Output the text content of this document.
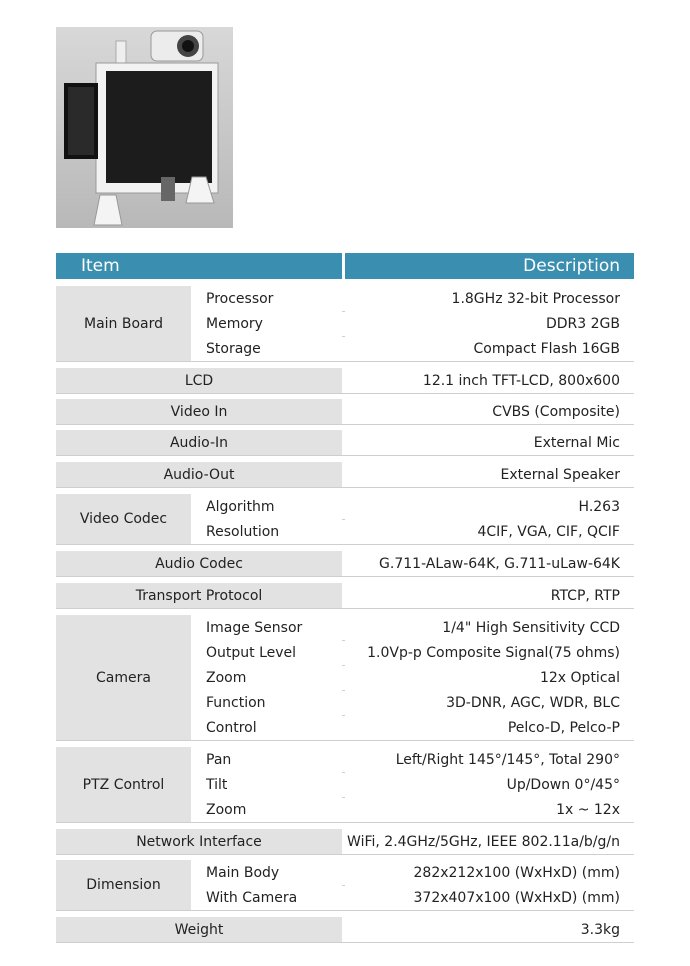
Item	Description
Main Board
Processor	1.8GHz 32-bit Processor
Memory	DDR3 2GB
Storage	Compact Flash 16GB
LCD	12.1 inch TFT-LCD, 800x600
Video In	CVBS (Composite)
Audio-In	External Mic
Audio-Out	External Speaker
Video Codec
Algorithm	H.263
Resolution	4CIF, VGA, CIF, QCIF
Audio Codec	G.711-ALaw-64K, G.711-uLaw-64K
Transport Protocol	RTCP, RTP
Camera
Image Sensor	1/4" High Sensitivity CCD
Output Level	1.0Vp-p Composite Signal(75 ohms)
Zoom	12x Optical
Function	3D-DNR, AGC, WDR, BLC
Control	Pelco-D, Pelco-P
PTZ Control
Pan	Left/Right 145°/145°, Total 290°
Tilt	Up/Down 0°/45°
Zoom	1x ~ 12x
Network Interface	WiFi, 2.4GHz/5GHz, IEEE 802.11a/b/g/n
Dimension
Main Body	282x212x100 (WxHxD) (mm)
With Camera	372x407x100 (WxHxD) (mm)
Weight	3.3kg
